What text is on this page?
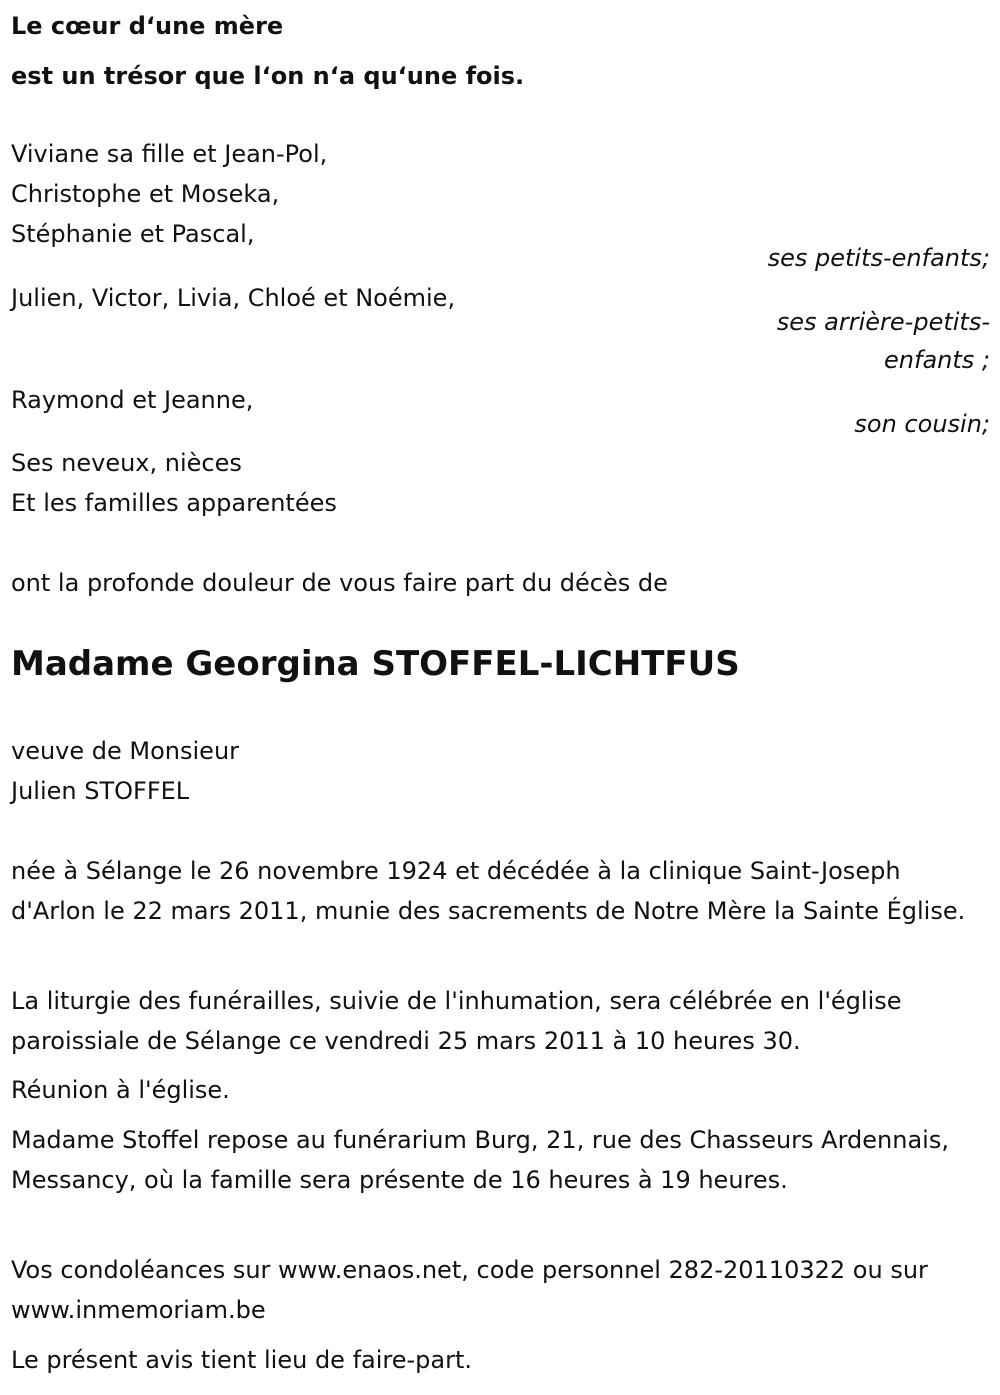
Le cœur d‘une mère
est un trésor que l‘on n‘a qu‘une fois.
Viviane sa fille et Jean-Pol,
Christophe et Moseka,
Stéphanie et Pascal,
ses petits-enfants;
Julien, Victor, Livia, Chloé et Noémie,
ses arrière-petits-
enfants ;
Raymond et Jeanne,
son cousin;
Ses neveux, nièces
Et les familles apparentées
ont la profonde douleur de vous faire part du décès de
Madame Georgina STOFFEL-LICHTFUS
veuve de Monsieur
Julien STOFFEL
née à Sélange le 26 novembre 1924 et décédée à la clinique Saint-Joseph d'Arlon le 22 mars 2011, munie des sacrements de Notre Mère la Sainte Église.
La liturgie des funérailles, suivie de l'inhumation, sera célébrée en l'église paroissiale de Sélange ce vendredi 25 mars 2011 à 10 heures 30.
Réunion à l'église.
Madame Stoffel repose au funérarium Burg, 21, rue des Chasseurs Ardennais, Messancy, où la famille sera présente de 16 heures à 19 heures.
Vos condoléances sur www.enaos.net, code personnel 282-20110322 ou sur www.inmemoriam.be
Le présent avis tient lieu de faire-part.
